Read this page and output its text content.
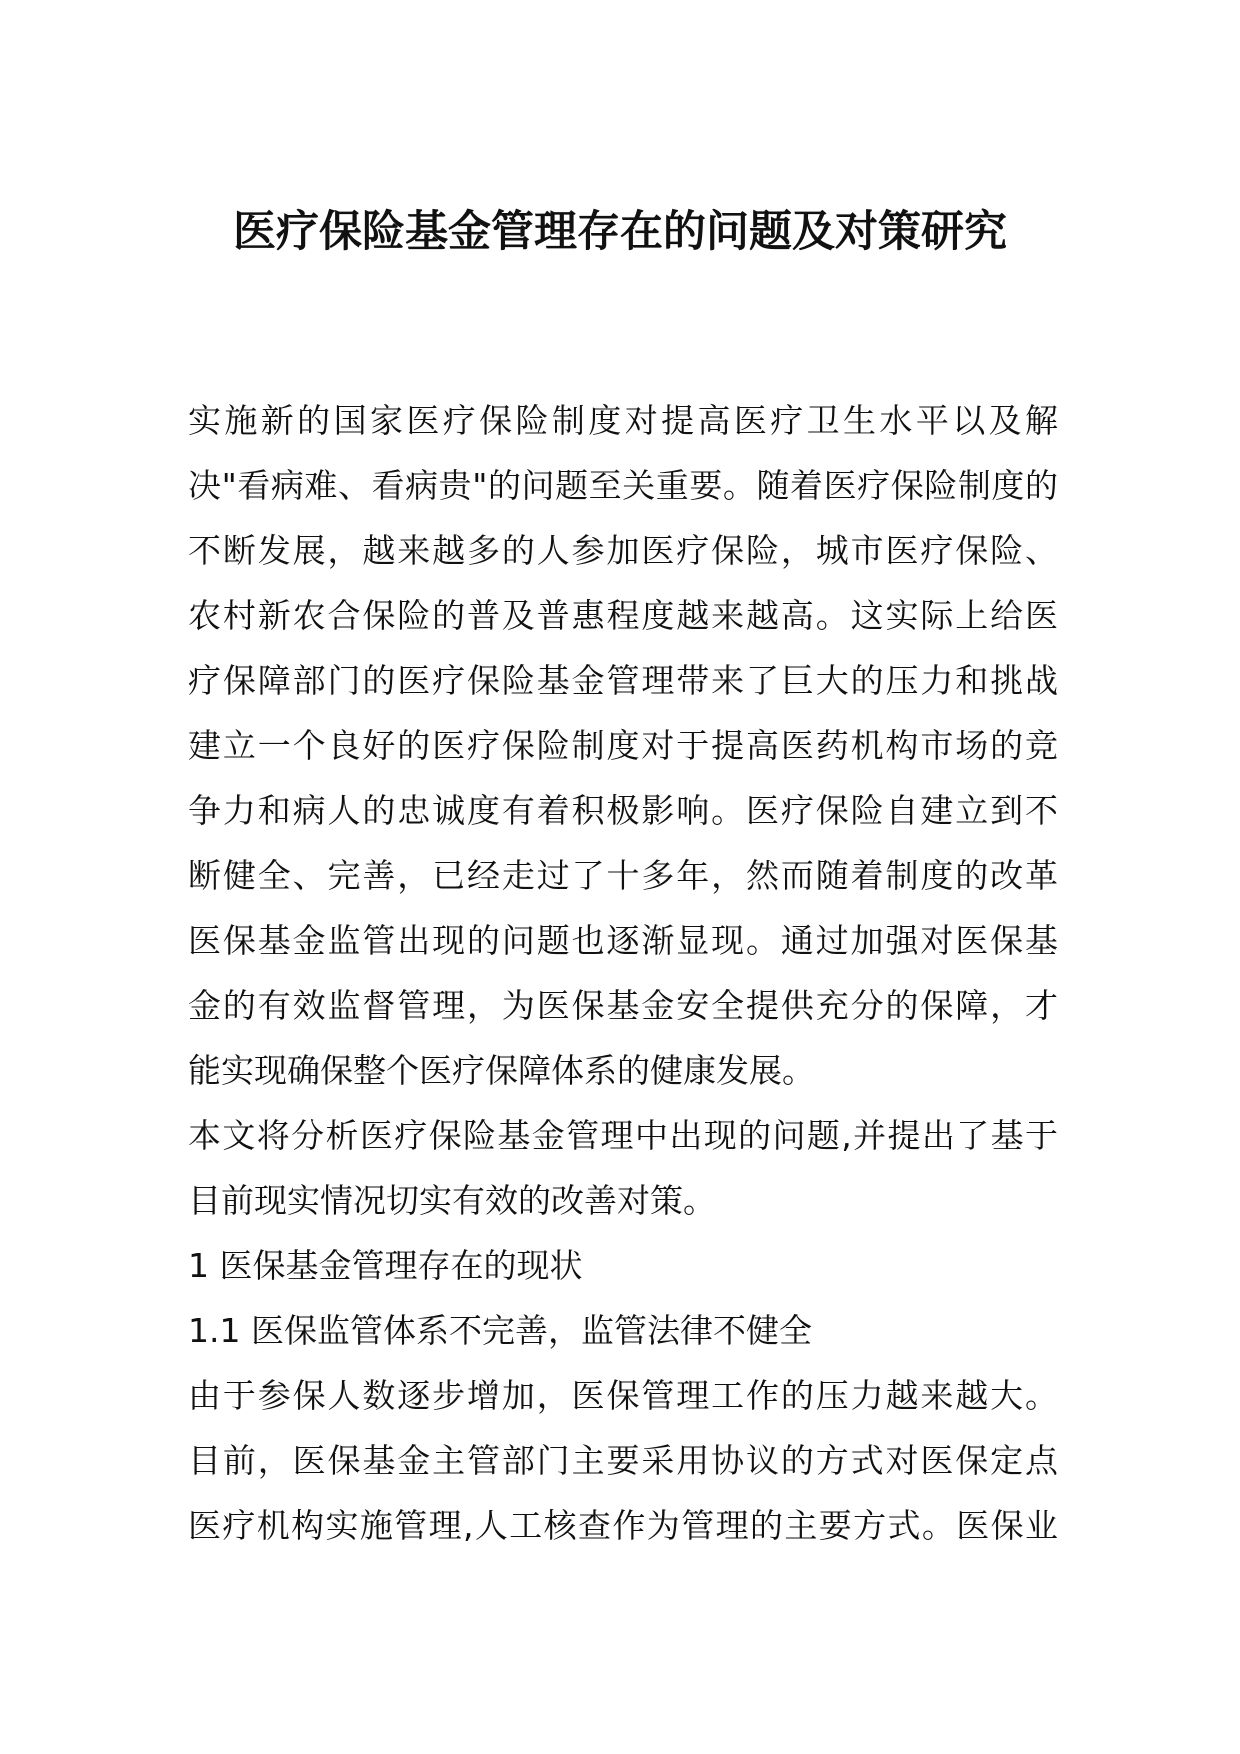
医疗保险基金管理存在的问题及对策研究

实施新的国家医疗保险制度对提高医疗卫生水平以及解
决"看病难、看病贵"的问题至关重要。随着医疗保险制度的
不断发展，越来越多的人参加医疗保险，城市医疗保险、
农村新农合保险的普及普惠程度越来越高。这实际上给医
疗保障部门的医疗保险基金管理带来了巨大的压力和挑战
建立一个良好的医疗保险制度对于提高医药机构市场的竞
争力和病人的忠诚度有着积极影响。医疗保险自建立到不
断健全、完善，已经走过了十多年，然而随着制度的改革
医保基金监管出现的问题也逐渐显现。通过加强对医保基
金的有效监督管理，为医保基金安全提供充分的保障，才
能实现确保整个医疗保障体系的健康发展。

本文将分析医疗保险基金管理中出现的问题,并提出了基于
目前现实情况切实有效的改善对策。

1 医保基金管理存在的现状

1.1 医保监管体系不完善，监管法律不健全

由于参保人数逐步增加，医保管理工作的压力越来越大。
目前，医保基金主管部门主要采用协议的方式对医保定点
医疗机构实施管理,人工核查作为管理的主要方式。医保业
